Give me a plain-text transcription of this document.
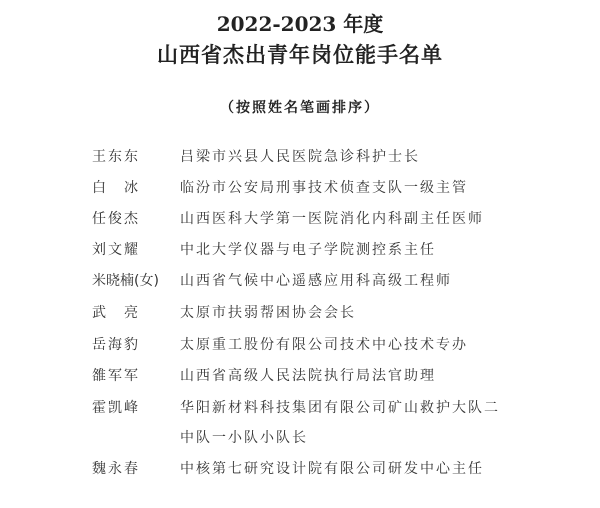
2022-2023 年度
山西省杰出青年岗位能手名单
（按照姓名笔画排序）
王东东	吕梁市兴县人民医院急诊科护士长
白　冰	临汾市公安局刑事技术侦查支队一级主管
任俊杰	山西医科大学第一医院消化内科副主任医师
刘文耀	中北大学仪器与电子学院测控系主任
米晓楠(女) 山西省气候中心遥感应用科高级工程师
武　亮	太原市扶弱帮困协会会长
岳海豹	太原重工股份有限公司技术中心技术专办
雒军军	山西省高级人民法院执行局法官助理
霍凯峰	华阳新材料科技集团有限公司矿山救护大队二
中队一小队小队长
魏永春	中核第七研究设计院有限公司研发中心主任
